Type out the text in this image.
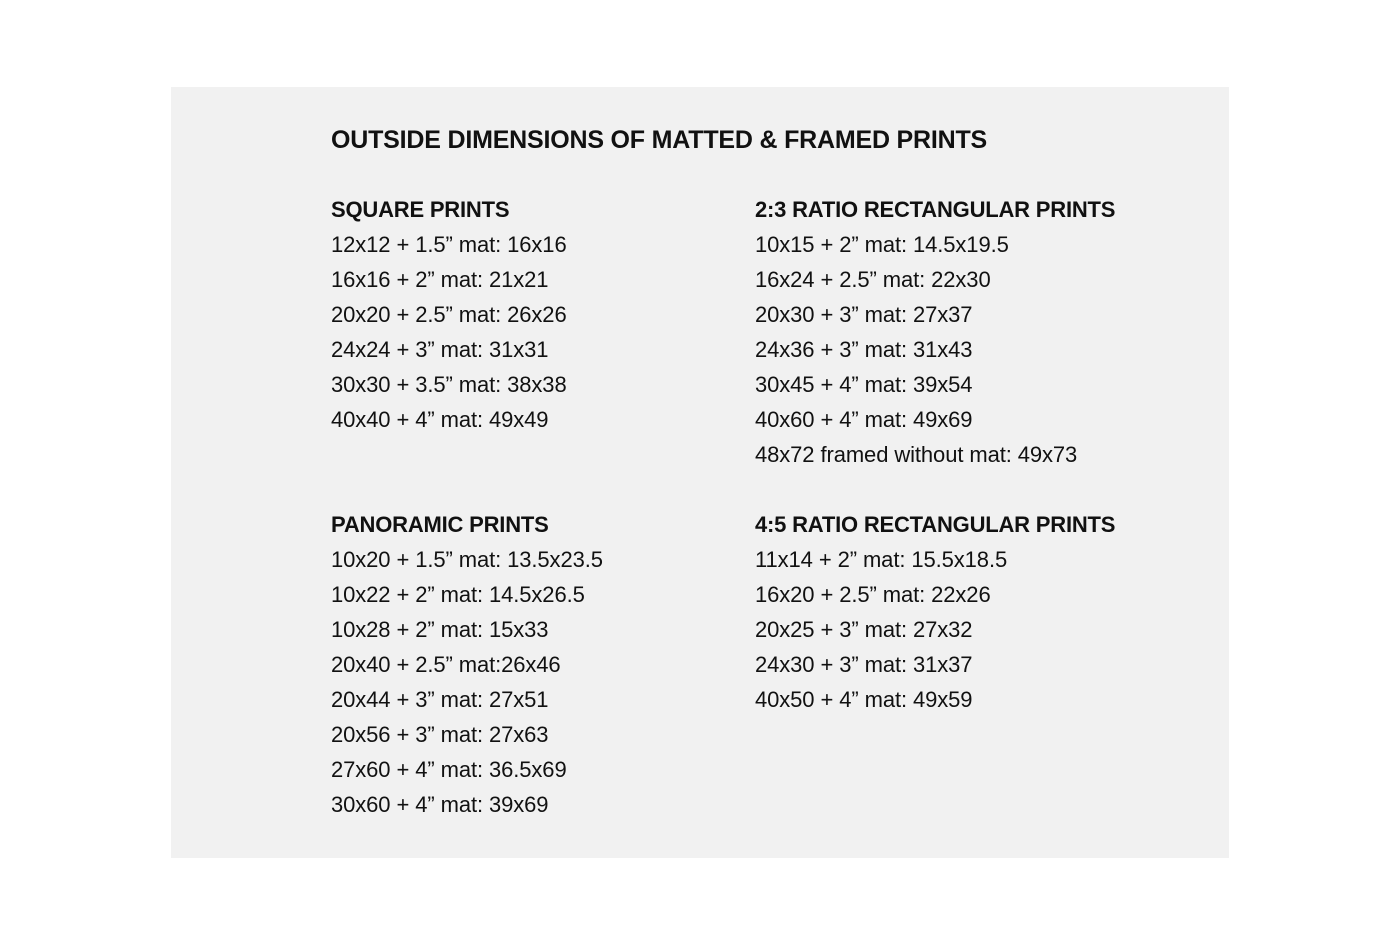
OUTSIDE DIMENSIONS OF MATTED & FRAMED PRINTS
SQUARE PRINTS
12x12 + 1.5” mat: 16x16
16x16 + 2” mat: 21x21
20x20 + 2.5” mat: 26x26
24x24 + 3” mat: 31x31
30x30 + 3.5” mat: 38x38
40x40 + 4” mat: 49x49
2:3 RATIO RECTANGULAR PRINTS
10x15 + 2” mat: 14.5x19.5
16x24 + 2.5” mat: 22x30
20x30 + 3” mat: 27x37
24x36 + 3” mat: 31x43
30x45 + 4” mat: 39x54
40x60 + 4” mat: 49x69
48x72 framed without mat: 49x73
PANORAMIC PRINTS
10x20 + 1.5” mat: 13.5x23.5
10x22 + 2” mat: 14.5x26.5
10x28 + 2” mat: 15x33
20x40 + 2.5” mat:26x46
20x44 + 3” mat: 27x51
20x56 + 3” mat: 27x63
27x60 + 4” mat: 36.5x69
30x60 + 4” mat: 39x69
4:5 RATIO RECTANGULAR PRINTS
11x14 + 2” mat: 15.5x18.5
16x20 + 2.5” mat: 22x26
20x25 + 3” mat: 27x32
24x30 + 3” mat: 31x37
40x50 + 4” mat: 49x59
